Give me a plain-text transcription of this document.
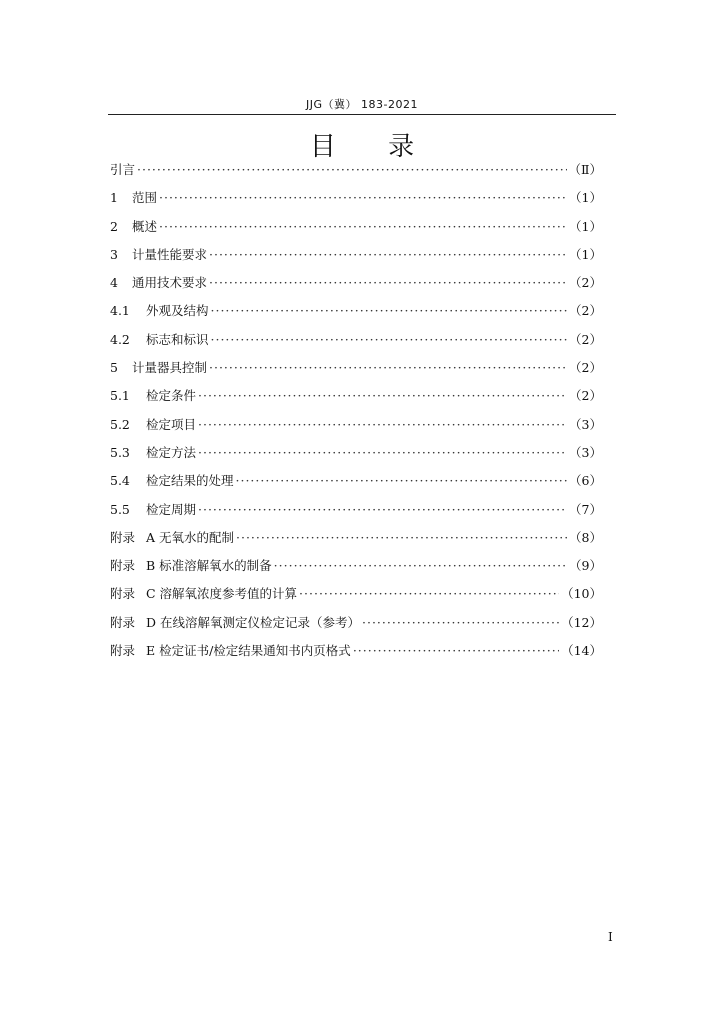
JJG（冀） 183-2021
目 录
引言 ·····	（Ⅱ）
1	范围 ·····	（1）
2	概述 ·····	（1）
3	计量性能要求 ·····	（1）
4	通用技术要求 ·····	（2）
4.1	外观及结构 ·····	（2）
4.2	标志和标识 ·····	（2）
5	计量器具控制 ·····	（2）
5.1	检定条件 ·····	（2）
5.2	检定项目 ·····	（3）
5.3	检定方法 ·····	（3）
5.4	检定结果的处理 ·····	（6）
5.5	检定周期 ·····	（7）
附录 A 无氧水的配制 ·····	（8）
附录 B 标准溶解氧水的制备 ·····	（9）
附录 C 溶解氧浓度参考值的计算 ·····	（10）
附录 D 在线溶解氧测定仪检定记录（参考） ·····	（12）
附录 E 检定证书/检定结果通知书内页格式 ·····	（14）
I
